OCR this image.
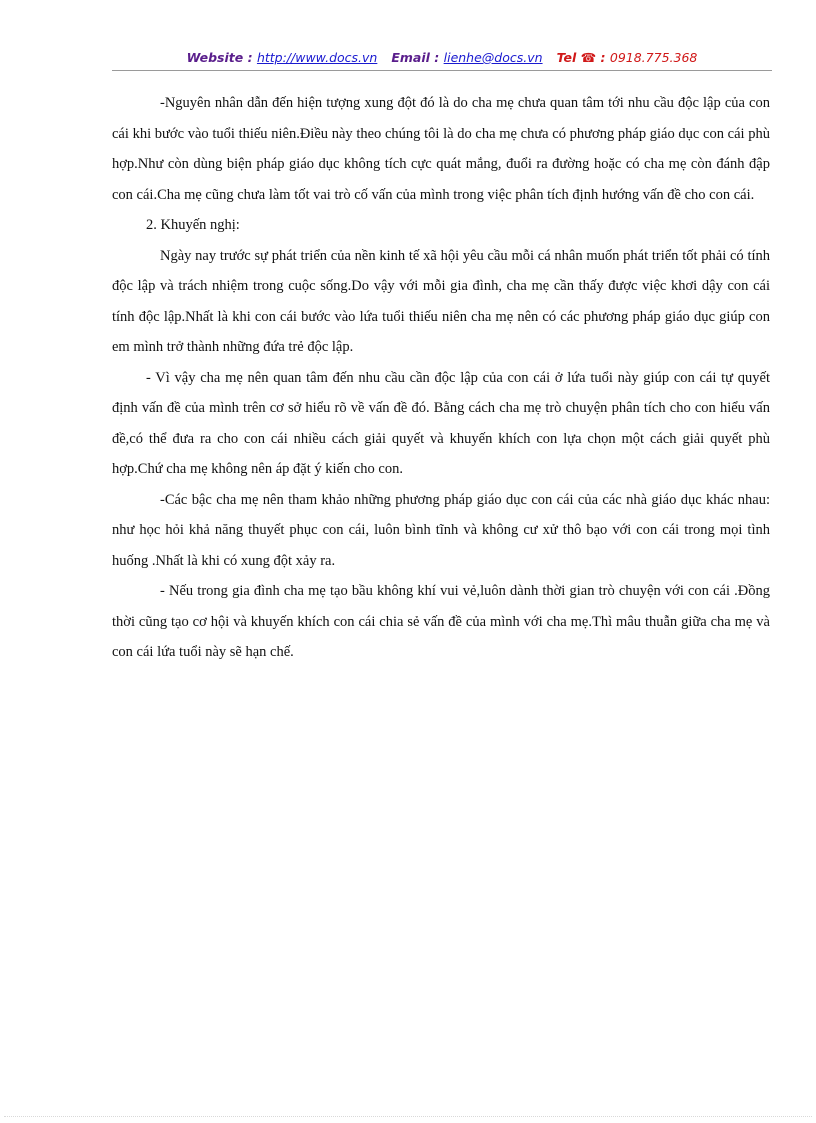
Website : http://www.docs.vn Email : lienhe@docs.vn Tel ☎ : 0918.775.368

-Nguyên nhân dẫn đến hiện tượng xung đột đó là do cha mẹ chưa quan tâm tới nhu cầu độc lập của con cái khi bước vào tuổi thiếu niên.Điều này theo chúng tôi là do cha mẹ chưa có phương pháp giáo dục con cái phù hợp.Như còn dùng biện pháp giáo dục không tích cực quát mắng, đuổi ra đường hoặc có cha mẹ còn đánh đập con cái.Cha mẹ cũng chưa làm tốt vai trò cố vấn của mình trong việc phân tích định hướng vấn đề cho con cái.

2. Khuyến nghị:

Ngày nay trước sự phát triển của nền kinh tế xã hội yêu cầu mỗi cá nhân muốn phát triển tốt phải có tính độc lập và trách nhiệm trong cuộc sống.Do vậy với mỗi gia đình, cha mẹ cần thấy được việc khơi dậy con cái tính độc lập.Nhất là khi con cái bước vào lứa tuổi thiếu niên cha mẹ nên có các phương pháp giáo dục giúp con em mình trở thành những đứa trẻ độc lập.

- Vì vậy cha mẹ nên quan tâm đến nhu cầu cần độc lập của con cái ở lứa tuổi này giúp con cái tự quyết định vấn đề của mình trên cơ sở hiểu rõ về vấn đề đó. Bằng cách cha mẹ trò chuyện phân tích cho con hiểu vấn đề,có thể đưa ra cho con cái nhiều cách giải quyết và khuyến khích con lựa chọn một cách giải quyết phù hợp.Chứ cha mẹ không nên áp đặt ý kiến cho con.

-Các bậc cha mẹ nên tham khảo những phương pháp giáo dục con cái của các nhà giáo dục khác nhau: như học hỏi khả năng thuyết phục con cái, luôn bình tĩnh và không cư xử thô bạo với con cái trong mọi tình huống .Nhất là khi có xung đột xảy ra.

- Nếu trong gia đình cha mẹ tạo bầu không khí vui vẻ,luôn dành thời gian trò chuyện với con cái .Đồng thời cũng tạo cơ hội và khuyến khích con cái chia sẻ vấn đề của mình với cha mẹ.Thì mâu thuẫn giữa cha mẹ và con cái lứa tuổi này sẽ hạn chế.
